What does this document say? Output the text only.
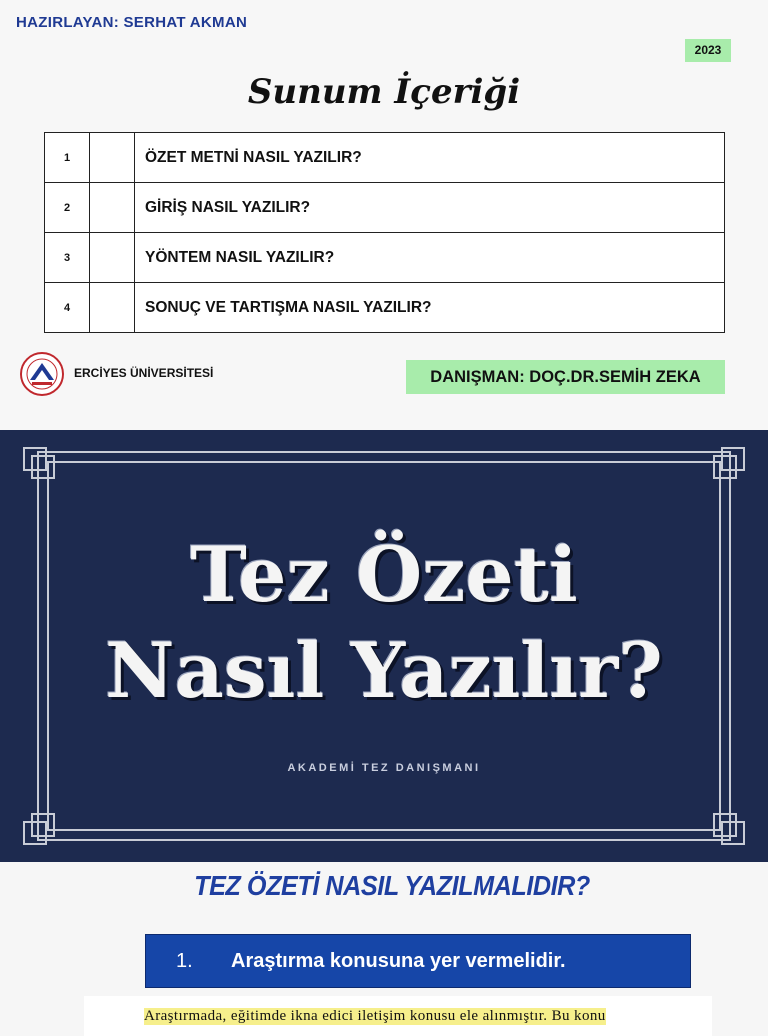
HAZIRLAYAN: SERHAT AKMAN
2023
Sunum İçeriği
1		ÖZET METNİ NASIL YAZILIR?
2		GİRİŞ NASIL YAZILIR?
3		YÖNTEM NASIL YAZILIR?
4		SONUÇ VE TARTIŞMA NASIL YAZILIR?
ERCİYES ÜNİVERSİTESİ	DANIŞMAN: DOÇ.DR.SEMİH ZEKA
Tez Özeti
Nasıl Yazılır?
AKADEMİ TEZ DANIŞMANI
TEZ ÖZETİ NASIL YAZILMALIDIR?
1. Araştırma konusuna yer vermelidir.
Araştırmada, eğitimde ikna edici iletişim konusu ele alınmıştır. Bu konu
